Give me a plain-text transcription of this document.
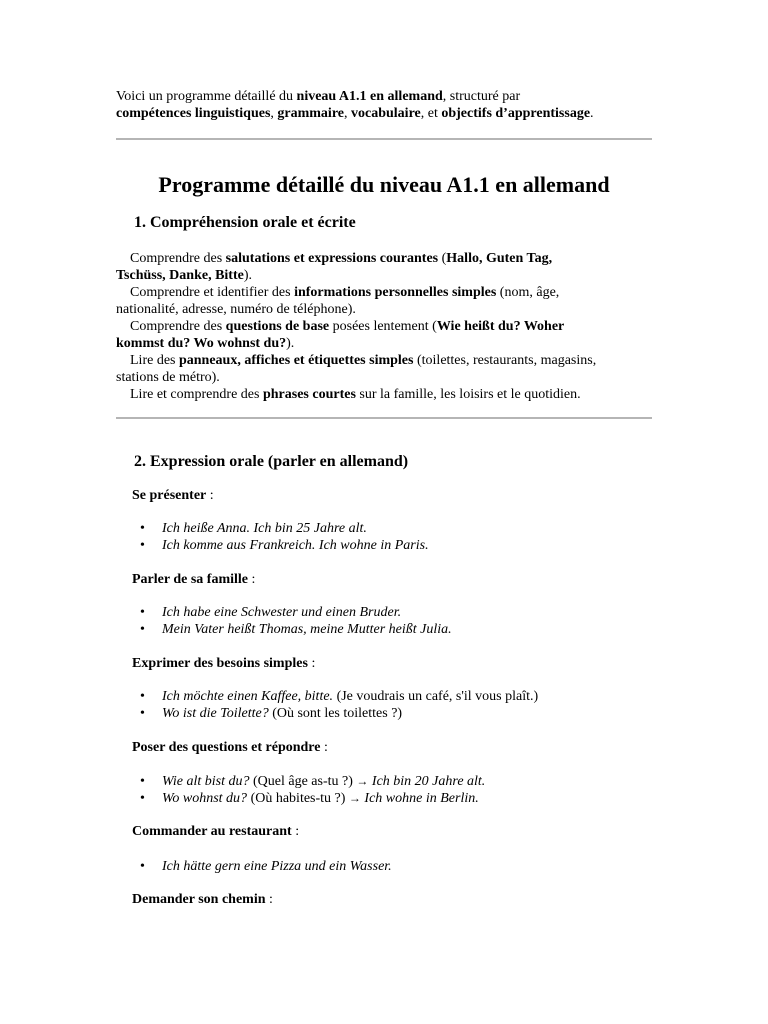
Voici un programme détaillé du niveau A1.1 en allemand, structuré par
compétences linguistiques, grammaire, vocabulaire, et objectifs d’apprentissage.
Programme détaillé du niveau A1.1 en allemand
1. Compréhension orale et écrite
Comprendre des salutations et expressions courantes (Hallo, Guten Tag,
Tschüss, Danke, Bitte).
Comprendre et identifier des informations personnelles simples (nom, âge,
nationalité, adresse, numéro de téléphone).
Comprendre des questions de base posées lentement (Wie heißt du? Woher
kommst du? Wo wohnst du?).
Lire des panneaux, affiches et étiquettes simples (toilettes, restaurants, magasins,
stations de métro).
Lire et comprendre des phrases courtes sur la famille, les loisirs et le quotidien.
2. Expression orale (parler en allemand)
Se présenter :
• Ich heiße Anna. Ich bin 25 Jahre alt.
• Ich komme aus Frankreich. Ich wohne in Paris.
Parler de sa famille :
• Ich habe eine Schwester und einen Bruder.
• Mein Vater heißt Thomas, meine Mutter heißt Julia.
Exprimer des besoins simples :
• Ich möchte einen Kaffee, bitte. (Je voudrais un café, s'il vous plaît.)
• Wo ist die Toilette? (Où sont les toilettes ?)
Poser des questions et répondre :
• Wie alt bist du? (Quel âge as-tu ?) → Ich bin 20 Jahre alt.
• Wo wohnst du? (Où habites-tu ?) → Ich wohne in Berlin.
Commander au restaurant :
• Ich hätte gern eine Pizza und ein Wasser.
Demander son chemin :
